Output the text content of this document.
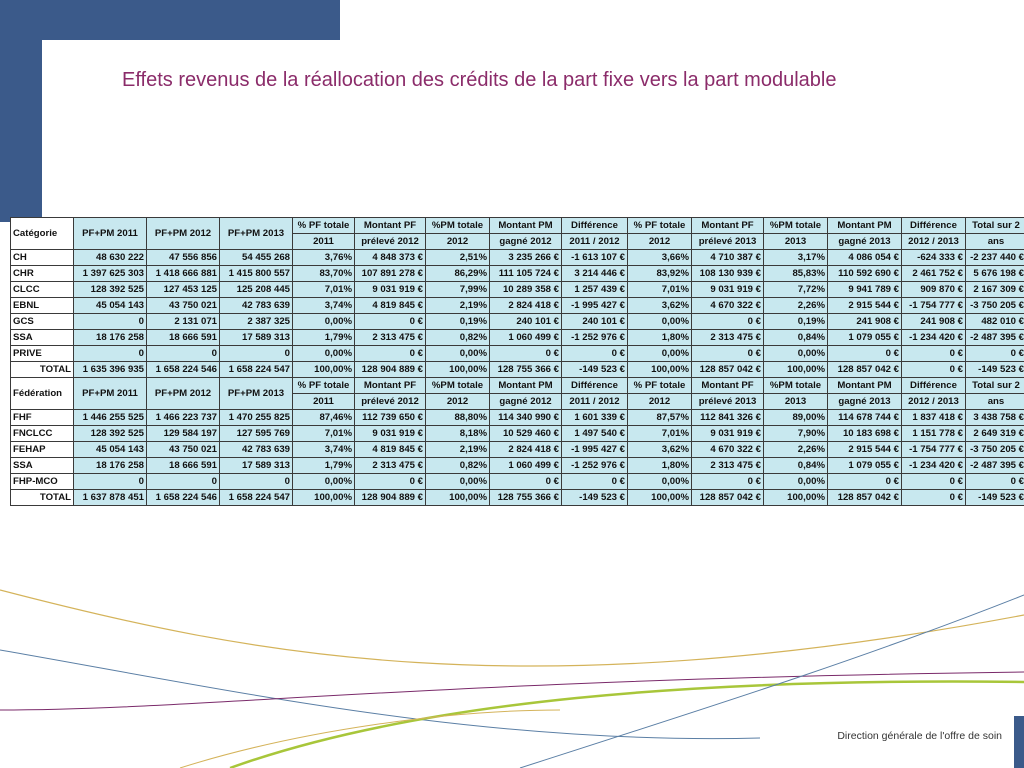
Effets revenus de la réallocation des crédits de la part fixe vers la part modulable
Catégorie	PF+PM 2011	PF+PM 2012	PF+PM 2013	% PF totale	Montant PF	%PM totale	Montant PM	Différence	% PF totale	Montant PF	%PM totale	Montant PM	Différence	Total sur 2
				2011	prélevé 2012	2012	gagné 2012	2011 / 2012	2012	prélevé 2013	2013	gagné 2013	2012 / 2013	ans
CH	48 630 222	47 556 856	54 455 268	3,76%	4 848 373 €	2,51%	3 235 266 €	-1 613 107 €	3,66%	4 710 387 €	3,17%	4 086 054 €	-624 333 €	-2 237 440 €
CHR	1 397 625 303	1 418 666 881	1 415 800 557	83,70%	107 891 278 €	86,29%	111 105 724 €	3 214 446 €	83,92%	108 130 939 €	85,83%	110 592 690 €	2 461 752 €	5 676 198 €
CLCC	128 392 525	127 453 125	125 208 445	7,01%	9 031 919 €	7,99%	10 289 358 €	1 257 439 €	7,01%	9 031 919 €	7,72%	9 941 789 €	909 870 €	2 167 309 €
EBNL	45 054 143	43 750 021	42 783 639	3,74%	4 819 845 €	2,19%	2 824 418 €	-1 995 427 €	3,62%	4 670 322 €	2,26%	2 915 544 €	-1 754 777 €	-3 750 205 €
GCS	0	2 131 071	2 387 325	0,00%	0 €	0,19%	240 101 €	240 101 €	0,00%	0 €	0,19%	241 908 €	241 908 €	482 010 €
SSA	18 176 258	18 666 591	17 589 313	1,79%	2 313 475 €	0,82%	1 060 499 €	-1 252 976 €	1,80%	2 313 475 €	0,84%	1 079 055 €	-1 234 420 €	-2 487 395 €
PRIVE	0	0	0	0,00%	0 €	0,00%	0 €	0 €	0,00%	0 €	0,00%	0 €	0 €	0 €
TOTAL	1 635 396 935	1 658 224 546	1 658 224 547	100,00%	128 904 889 €	100,00%	128 755 366 €	-149 523 €	100,00%	128 857 042 €	100,00%	128 857 042 €	0 €	-149 523 €
Fédération	PF+PM 2011	PF+PM 2012	PF+PM 2013	% PF totale	Montant PF	%PM totale	Montant PM	Différence	% PF totale	Montant PF	%PM totale	Montant PM	Différence	Total sur 2
				2011	prélevé 2012	2012	gagné 2012	2011 / 2012	2012	prélevé 2013	2013	gagné 2013	2012 / 2013	ans
FHF	1 446 255 525	1 466 223 737	1 470 255 825	87,46%	112 739 650 €	88,80%	114 340 990 €	1 601 339 €	87,57%	112 841 326 €	89,00%	114 678 744 €	1 837 418 €	3 438 758 €
FNCLCC	128 392 525	129 584 197	127 595 769	7,01%	9 031 919 €	8,18%	10 529 460 €	1 497 540 €	7,01%	9 031 919 €	7,90%	10 183 698 €	1 151 778 €	2 649 319 €
FEHAP	45 054 143	43 750 021	42 783 639	3,74%	4 819 845 €	2,19%	2 824 418 €	-1 995 427 €	3,62%	4 670 322 €	2,26%	2 915 544 €	-1 754 777 €	-3 750 205 €
SSA	18 176 258	18 666 591	17 589 313	1,79%	2 313 475 €	0,82%	1 060 499 €	-1 252 976 €	1,80%	2 313 475 €	0,84%	1 079 055 €	-1 234 420 €	-2 487 395 €
FHP-MCO	0	0	0	0,00%	0 €	0,00%	0 €	0 €	0,00%	0 €	0,00%	0 €	0 €	0 €
TOTAL	1 637 878 451	1 658 224 546	1 658 224 547	100,00%	128 904 889 €	100,00%	128 755 366 €	-149 523 €	100,00%	128 857 042 €	100,00%	128 857 042 €	0 €	-149 523 €
Direction générale de l'offre de soin
